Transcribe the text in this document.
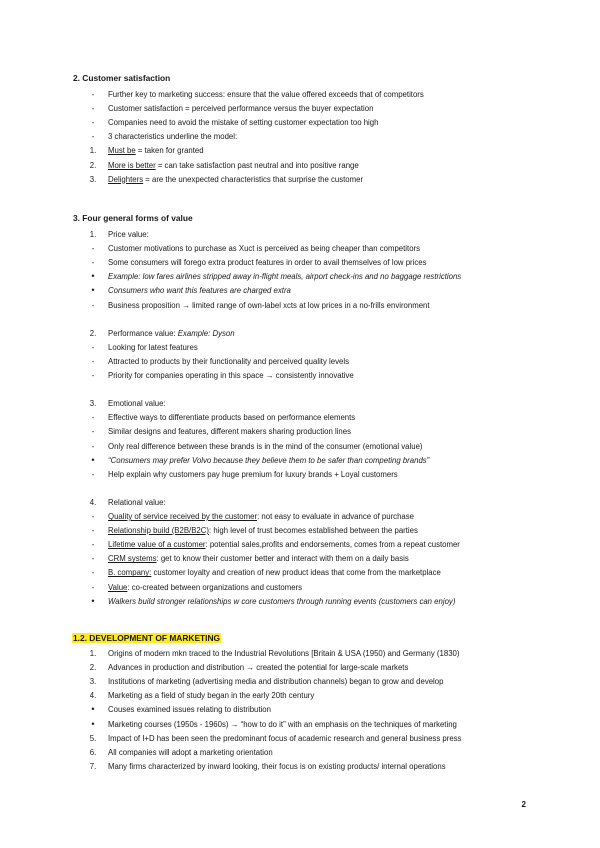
2. Customer satisfaction
-	Further key to marketing success: ensure that the value offered exceeds that of competitors
-	Customer satisfaction = perceived performance versus the buyer expectation
-	Companies need to avoid the mistake of setting customer expectation too high
-	3 characteristics underline the model:
1.	Must be = taken for granted
2.	More is better = can take satisfaction past neutral and into positive range
3.	Delighters = are the unexpected characteristics that surprise the customer
3. Four general forms of value
1.	Price value:
-	Customer motivations to purchase as Xuct is perceived as being cheaper than competitors
-	Some consumers will forego extra product features in order to avail themselves of low prices
•	Example: low fares airlines stripped away in-flight meals, airport check-ins and no baggage restrictions
•	Consumers who want this features are charged extra
-	Business proposition → limited range of own-label xcts at low prices in a no-frills environment
2.	Performance value: Example: Dyson
-	Looking for latest features
-	Attracted to products by their functionality and perceived quality levels
-	Priority for companies operating in this space → consistently innovative
3.	Emotional value:
-	Effective ways to differentiate products based on performance elements
-	Similar designs and features, different makers sharing production lines
-	Only real difference between these brands is in the mind of the consumer (emotional value)
•	“Consumers may prefer Volvo because they believe them to be safer than competing brands”
-	Help explain why customers pay huge premium for luxury brands + Loyal customers
4.	Relational value:
-	Quality of service received by the customer: not easy to evaluate in advance of purchase
-	Relationship build (B2B/B2C): high level of trust becomes established between the parties
-	Lifetime value of a customer: potential sales,profits and endorsements, comes from a repeat customer
-	CRM systems: get to know their customer better and interact with them on a daily basis
-	B. company: customer loyalty and creation of new product ideas that come from the marketplace
-	Value: co-created between organizations and customers
•	Walkers build stronger relationships w core customers through running events (customers can enjoy)
1.2. DEVELOPMENT OF MARKETING
1.	Origins of modern mkn traced to the Industrial Revolutions [Britain & USA (1950) and Germany (1830)
2.	Advances in production and distribution → created the potential for large-scale markets
3.	Institutions of marketing (advertising media and distribution channels) began to grow and develop
4.	Marketing as a field of study began in the early 20th century
•	Couses examined issues relating to distribution
•	Marketing courses (1950s - 1960s) → “how to do it” with an emphasis on the techniques of marketing
5.	Impact of I+D has been seen the predominant focus of academic research and general business press
6.	All companies will adopt a marketing orientation
7.	Many firms characterized by inward looking, their focus is on existing products/ internal operations
2
